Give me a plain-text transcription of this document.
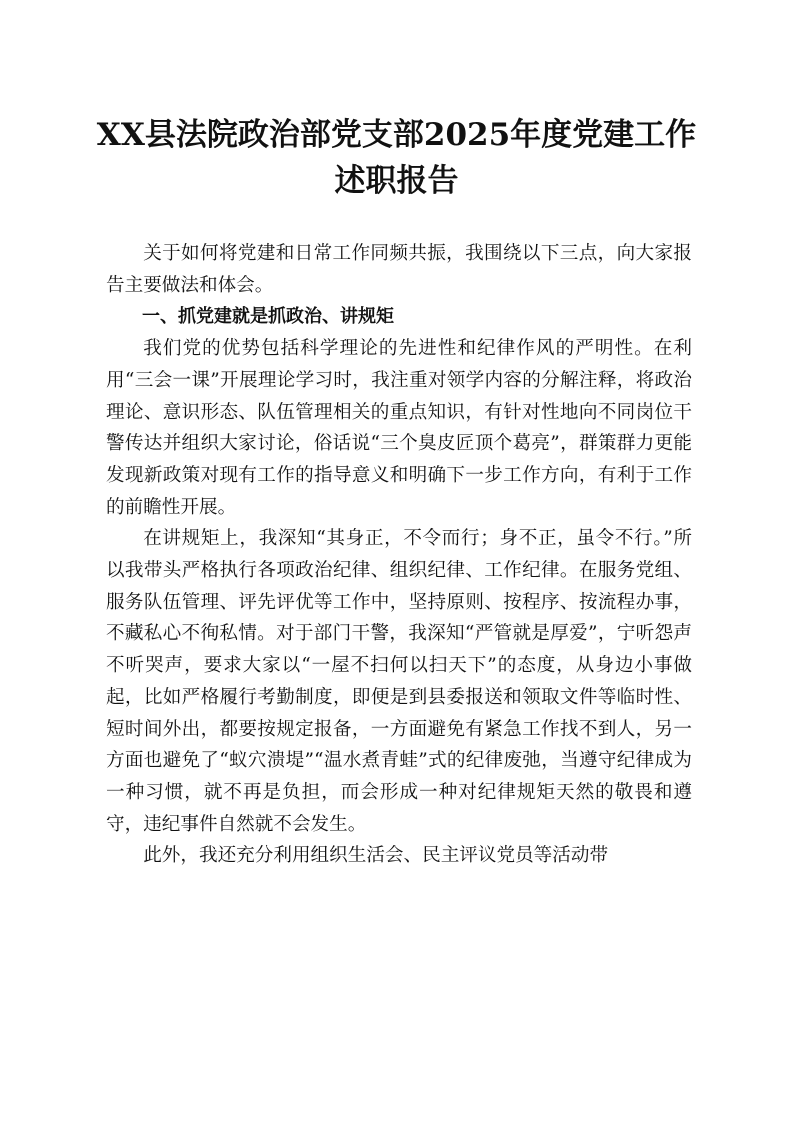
XX县法院政治部党支部2025年度党建工作述职报告

关于如何将党建和日常工作同频共振，我围绕以下三点，向大家报告主要做法和体会。

一、抓党建就是抓政治、讲规矩

我们党的优势包括科学理论的先进性和纪律作风的严明性。在利用“三会一课”开展理论学习时，我注重对领学内容的分解注释，将政治理论、意识形态、队伍管理相关的重点知识，有针对性地向不同岗位干警传达并组织大家讨论，俗话说“三个臭皮匠顶个葛亮”，群策群力更能发现新政策对现有工作的指导意义和明确下一步工作方向，有利于工作的前瞻性开展。

在讲规矩上，我深知“其身正，不令而行；身不正，虽令不行。”所以我带头严格执行各项政治纪律、组织纪律、工作纪律。在服务党组、服务队伍管理、评先评优等工作中，坚持原则、按程序、按流程办事，不藏私心不徇私情。对于部门干警，我深知“严管就是厚爱”，宁听怨声不听哭声，要求大家以“一屋不扫何以扫天下”的态度，从身边小事做起，比如严格履行考勤制度，即便是到县委报送和领取文件等临时性、短时间外出，都要按规定报备，一方面避免有紧急工作找不到人，另一方面也避免了“蚁穴溃堤”“温水煮青蛙”式的纪律废弛，当遵守纪律成为一种习惯，就不再是负担，而会形成一种对纪律规矩天然的敬畏和遵守，违纪事件自然就不会发生。

此外，我还充分利用组织生活会、民主评议党员等活动带
